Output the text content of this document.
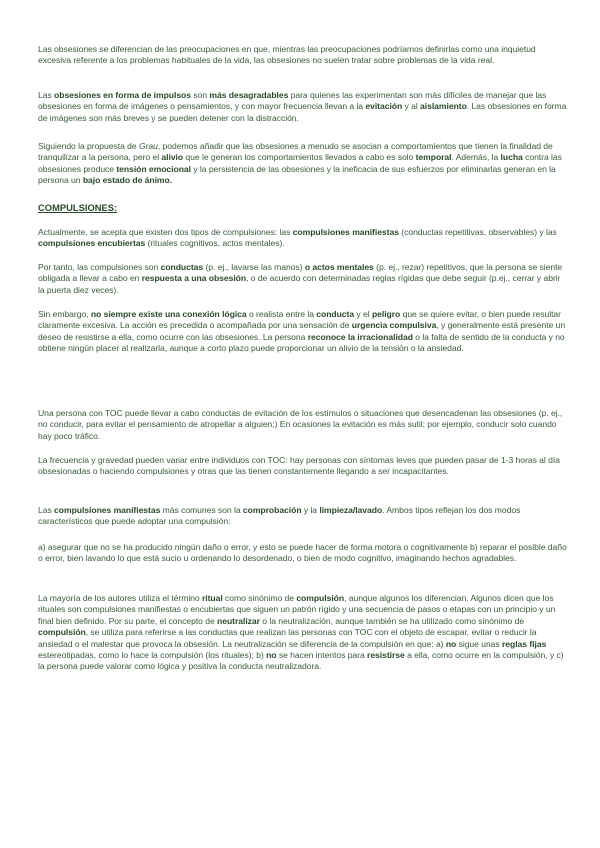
Las obsesiones se diferencian de las preocupaciones en que, mientras las preocupaciones podríamos definirlas como una inquietud excesiva referente a los problemas habituales de la vida, las obsesiones no suelen tratar sobre problemas de la vida real.

Las obsesiones en forma de impulsos son más desagradables para quienes las experimentan son más difíciles de manejar que las obsesiones en forma de imágenes o pensamientos, y con mayor frecuencia llevan a la evitación y al aislamiento. Las obsesiones en forma de imágenes son más breves y se pueden detener con la distracción.

Siguiendo la propuesta de Grau, podemos añadir que las obsesiones a menudo se asocian a comportamientos que tienen la finalidad de tranquilizar a la persona, pero el alivio que le generan los comportamientos llevados a cabo es solo temporal. Además, la lucha contra las obsesiones produce tensión emocional y la persistencia de las obsesiones y la ineficacia de sus esfuerzos por eliminarlas generan en la persona un bajo estado de ánimo.

COMPULSIONES:

Actualmente, se acepta que existen dos tipos de compulsiones: las compulsiones manifiestas (conductas repetitivas, observables) y las compulsiones encubiertas (rituales cognitivos, actos mentales).

Por tanto, las compulsiones son conductas (p. ej., lavarse las manos) o actos mentales (p. ej., rezar) repetitivos, que la persona se siente obligada a llevar a cabo en respuesta a una obsesión, o de acuerdo con determinadas reglas rígidas que debe seguir (p.ej., cerrar y abrir la puerta diez veces).

Sin embargo, no siempre existe una conexión lógica o realista entre la conducta y el peligro que se quiere evitar, o bien puede resultar claramente excesiva. La acción es precedida o acompañada por una sensación de urgencia compulsiva, y generalmente está presente un deseo de resistirse a ella, como ocurre con las obsesiones. La persona reconoce la irracionalidad o la falta de sentido de la conducta y no obtiene ningún placer al realizarla, aunque a corto plazo puede proporcionar un alivio de la tensión o la ansiedad.

Una persona con TOC puede llevar a cabo conductas de evitación de los estímulos o situaciones que desencadenan las obsesiones (p. ej., no conducir, para evitar el pensamiento de atropellar a alguien;) En ocasiones la evitación es más sutil; por ejemplo, conducir solo cuando hay poco tráfico.

La frecuencia y gravedad pueden variar entre individuos con TOC: hay personas con síntomas leves que pueden pasar de 1-3 horas al día obsesionadas o haciendo compulsiones y otras que las tienen constantemente llegando a ser incapacitantes.

Las compulsiones manifiestas más comunes son la comprobación y la limpieza/lavado. Ambos tipos reflejan los dos modos característicos que puede adoptar una compulsión:

a) asegurar que no se ha producido ningún daño o error, y esto se puede hacer de forma motora o cognitivamente b) reparar el posible daño o error, bien lavando lo que está sucio u ordenando lo desordenado, o bien de modo cognitivo, imaginando hechos agradables.

La mayoría de los autores utiliza el término ritual como sinónimo de compulsión, aunque algunos los diferencian. Algunos dicen que los rituales son compulsiones manifiestas o encubiertas que siguen un patrón rígido y una secuencia de pasos o etapas con un principio y un final bien definido. Por su parte, el concepto de neutralizar o la neutralización, aunque también se ha utilizado como sinónimo de compulsión, se utiliza para referirse a las conductas que realizan las personas con TOC con el objeto de escapar, evitar o reducir la ansiedad o el malestar que provoca la obsesión. La neutralización se diferencia de la compulsión en que: a) no sigue unas reglas fijas estereotipadas, como lo hace la compulsión (los rituales); b) no se hacen intentos para resistirse a ella, como ocurre en la compulsión, y c) la persona puede valorar como lógica y positiva la conducta neutralizadora.
